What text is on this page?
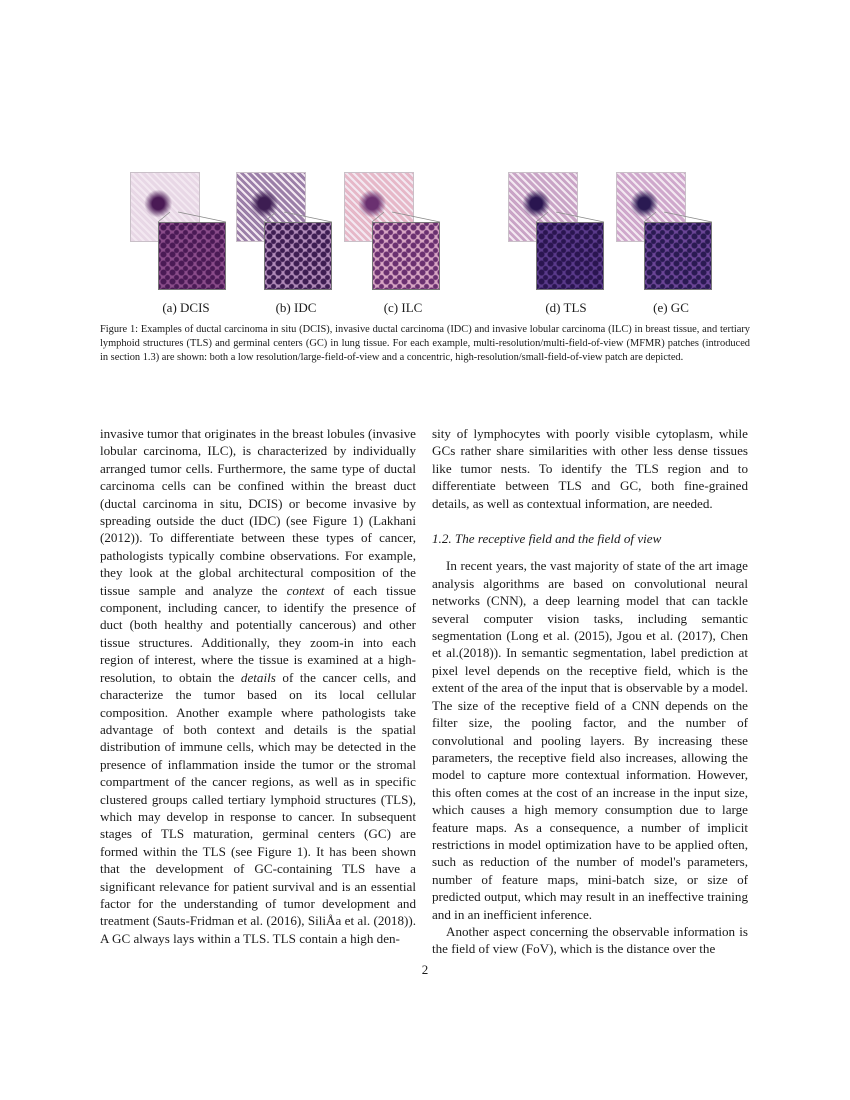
(a) DCIS	(b) IDC	(c) ILC	(d) TLS	(e) GC
Figure 1: Examples of ductal carcinoma in situ (DCIS), invasive ductal carcinoma (IDC) and invasive lobular carcinoma (ILC) in breast tissue, and tertiary lymphoid structures (TLS) and germinal centers (GC) in lung tissue. For each example, multi-resolution/multi-field-of-view (MFMR) patches (introduced in section 1.3) are shown: both a low resolution/large-field-of-view and a concentric, high-resolution/small-field-of-view patch are depicted.

invasive tumor that originates in the breast lobules (invasive lobular carcinoma, ILC), is characterized by individually arranged tumor cells. Furthermore, the same type of ductal carcinoma cells can be confined within the breast duct (ductal carcinoma in situ, DCIS) or become invasive by spreading outside the duct (IDC) (see Figure 1) (Lakhani (2012)). To differentiate between these types of cancer, pathologists typically combine observations. For example, they look at the global architectural composition of the tissue sample and analyze the context of each tissue component, including cancer, to identify the presence of duct (both healthy and potentially cancerous) and other tissue structures. Additionally, they zoom-in into each region of interest, where the tissue is examined at a high-resolution, to obtain the details of the cancer cells, and characterize the tumor based on its local cellular composition. Another example where pathologists take advantage of both context and details is the spatial distribution of immune cells, which may be detected in the presence of inflammation inside the tumor or the stromal compartment of the cancer regions, as well as in specific clustered groups called tertiary lymphoid structures (TLS), which may develop in response to cancer. In subsequent stages of TLS maturation, germinal centers (GC) are formed within the TLS (see Figure 1). It has been shown that the development of GC-containing TLS have a significant relevance for patient survival and is an essential factor for the understanding of tumor development and treatment (Sauts-Fridman et al. (2016), SiliÅa et al. (2018)). A GC always lays within a TLS. TLS contain a high den-

sity of lymphocytes with poorly visible cytoplasm, while GCs rather share similarities with other less dense tissues like tumor nests. To identify the TLS region and to differentiate between TLS and GC, both fine-grained details, as well as contextual information, are needed.

1.2. The receptive field and the field of view

In recent years, the vast majority of state of the art image analysis algorithms are based on convolutional neural networks (CNN), a deep learning model that can tackle several computer vision tasks, including semantic segmentation (Long et al. (2015), Jgou et al. (2017), Chen et al.(2018)). In semantic segmentation, label prediction at pixel level depends on the receptive field, which is the extent of the area of the input that is observable by a model. The size of the receptive field of a CNN depends on the filter size, the pooling factor, and the number of convolutional and pooling layers. By increasing these parameters, the receptive field also increases, allowing the model to capture more contextual information. However, this often comes at the cost of an increase in the input size, which causes a high memory consumption due to large feature maps. As a consequence, a number of implicit restrictions in model optimization have to be applied often, such as reduction of the number of model's parameters, number of feature maps, mini-batch size, or size of predicted output, which may result in an ineffective training and in an inefficient inference.

Another aspect concerning the observable information is the field of view (FoV), which is the distance over the

2
